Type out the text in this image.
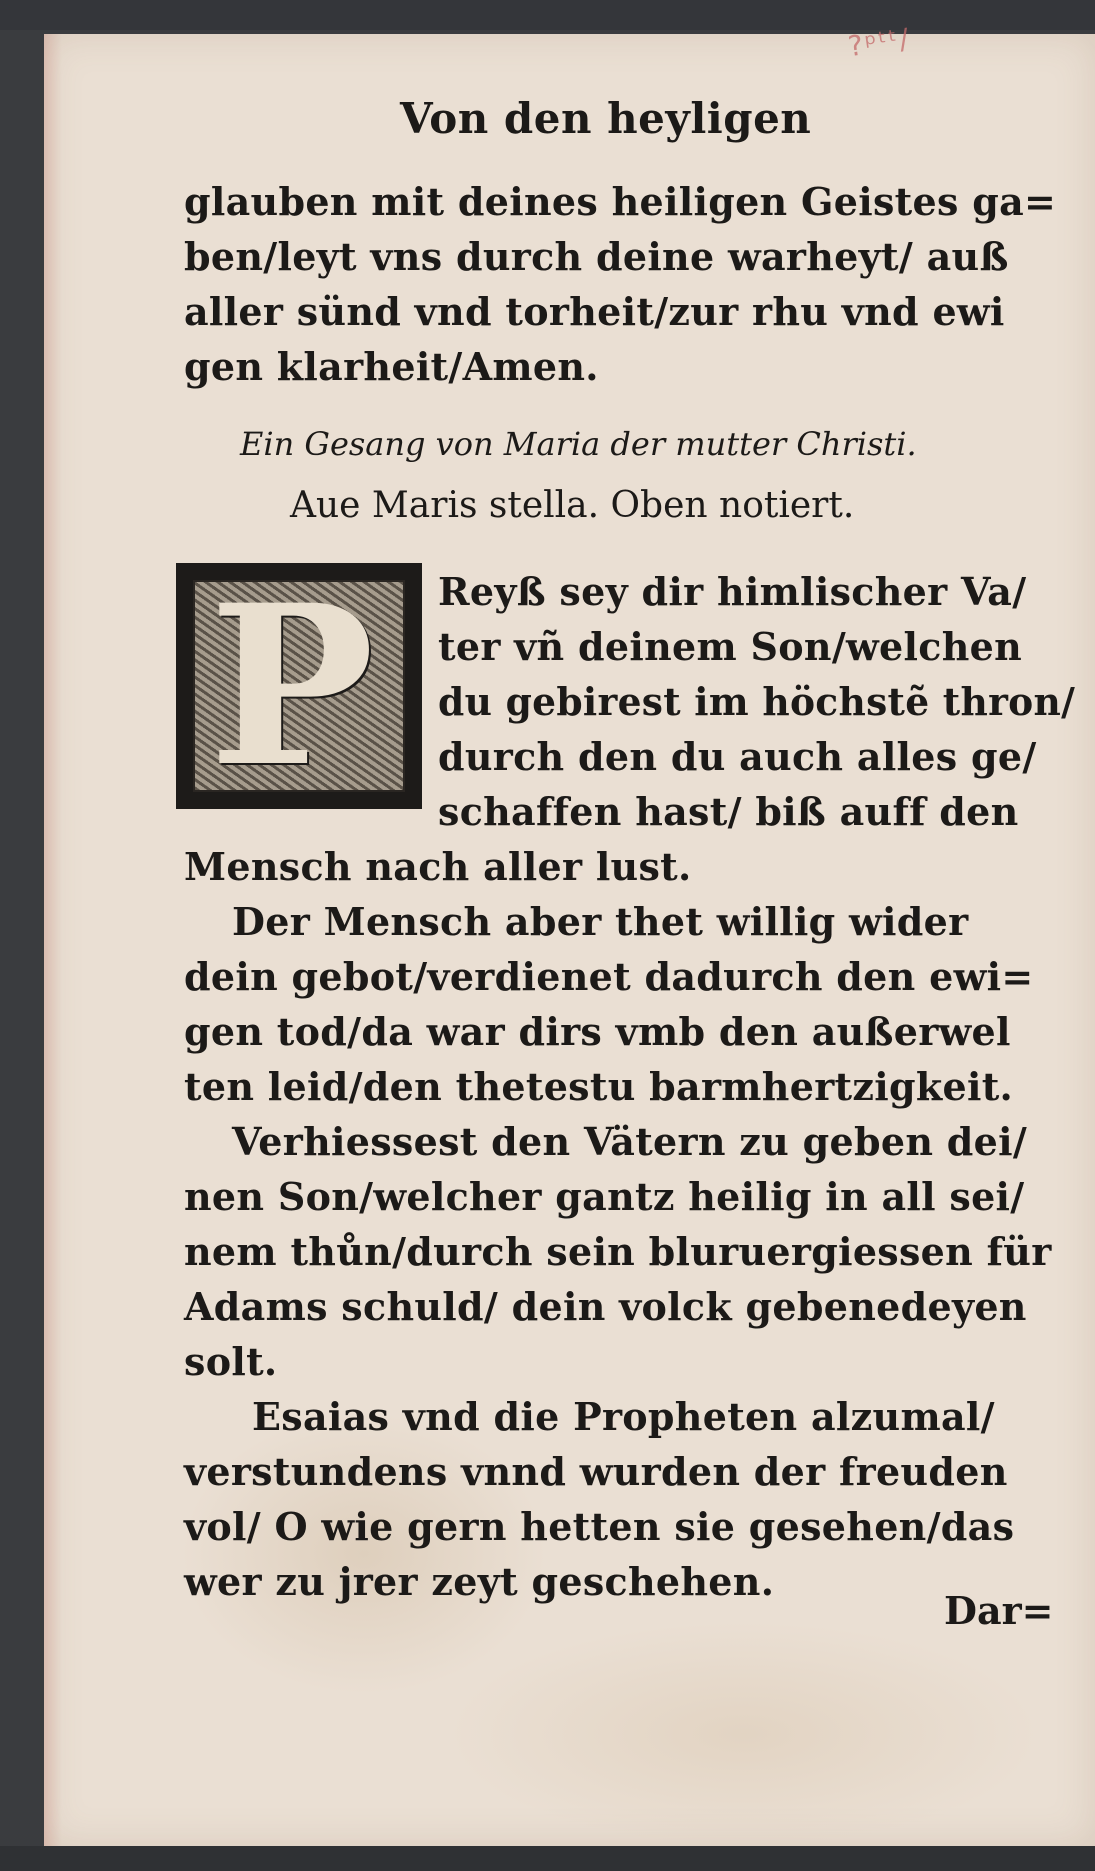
?ᵖᵗᵗ/
Von den heyligen
glauben mit deines heiligen Geistes ga=
ben/leyt vns durch deine warheyt/ auß
aller sünd vnd torheit/zur rhu vnd ewi
gen klarheit/Amen.
Ein Gesang von Maria der mutter Christi.
Aue Maris stella. Oben notiert.
P Reyß sey dir himlischer Va/
ter vñ deinem Son/welchen
du gebirest im höchstẽ thron/
durch den du auch alles ge/
schaffen hast/ biß auff den
Mensch nach aller lust.
Der Mensch aber thet willig wider
dein gebot/verdienet dadurch den ewi=
gen tod/da war dirs vmb den außerwel
ten leid/den thetestu barmhertzigkeit.
Verhiessest den Vätern zu geben dei/
nen Son/welcher gantz heilig in all sei/
nem thůn/durch sein bluruergiessen für
Adams schuld/ dein volck gebenedeyen
solt.
Esaias vnd die Propheten alzumal/
verstundens vnnd wurden der freuden
vol/ O wie gern hetten sie gesehen/das
wer zu jrer zeyt geschehen.
Dar=
